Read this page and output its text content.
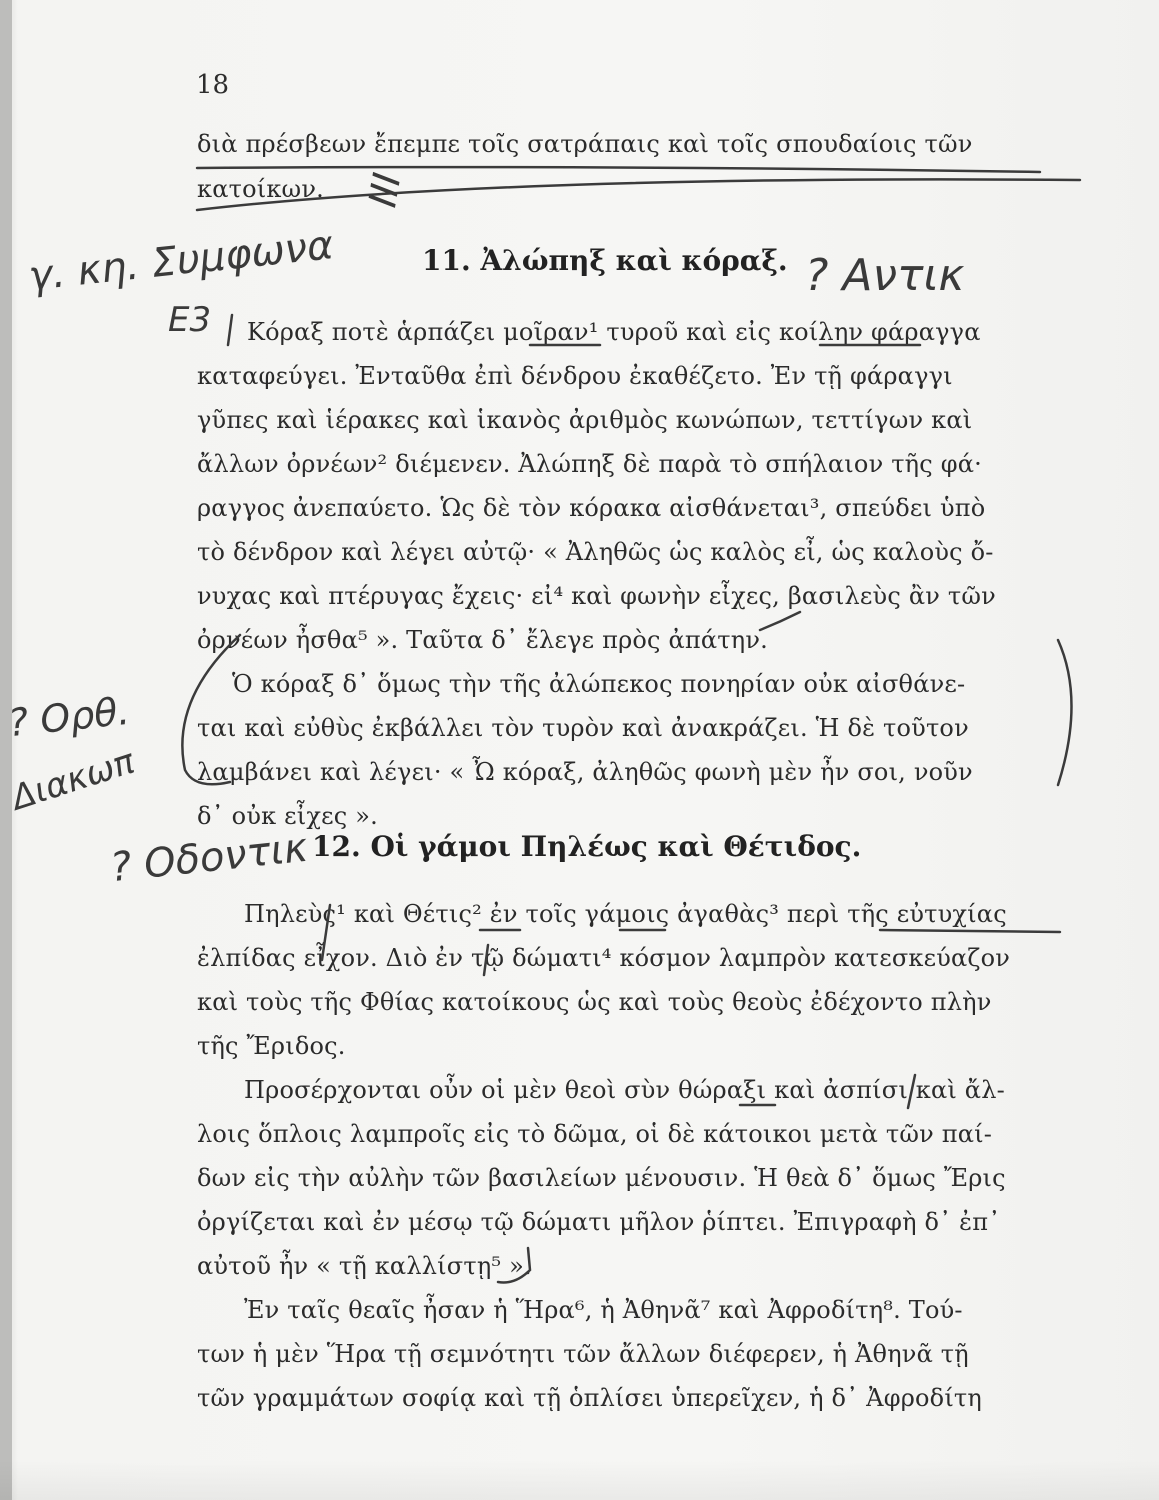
18
διὰ πρέσβεων ἔπεμπε τοῖς σατράπαις καὶ τοῖς σπουδαίοις τῶν
κατοίκων.
11. Ἀλώπηξ καὶ κόραξ.
Κόραξ ποτὲ ἁρπάζει μοῖραν¹ τυροῦ καὶ εἰς κοίλην φάραγγα
καταφεύγει. Ἐνταῦθα ἐπὶ δένδρου ἐκαθέζετο. Ἐν τῇ φάραγγι
γῦπες καὶ ἱέρακες καὶ ἱκανὸς ἀριθμὸς κωνώπων, τεττίγων καὶ
ἄλλων ὀρνέων² διέμενεν. Ἀλώπηξ δὲ παρὰ τὸ σπήλαιον τῆς φά·
ραγγος ἀνεπαύετο. Ὡς δὲ τὸν κόρακα αἰσθάνεται³, σπεύδει ὑπὸ
τὸ δένδρον καὶ λέγει αὐτῷ· « Ἀληθῶς ὡς καλὸς εἶ, ὡς καλοὺς ὄ-
νυχας καὶ πτέρυγας ἔχεις· εἰ⁴ καὶ φωνὴν εἶχες, βασιλεὺς ἂν τῶν
ὀρνέων ἦσθα⁵ ». Ταῦτα δ᾽ ἔλεγε πρὸς ἀπάτην.
Ὁ κόραξ δ᾽ ὅμως τὴν τῆς ἀλώπεκος πονηρίαν οὐκ αἰσθάνε-
ται καὶ εὐθὺς ἐκβάλλει τὸν τυρὸν καὶ ἀνακράζει. Ἡ δὲ τοῦτον
λαμβάνει καὶ λέγει· « Ὦ κόραξ, ἀληθῶς φωνὴ μὲν ἦν σοι, νοῦν
δ᾽ οὐκ εἶχες ».
12. Οἱ γάμοι Πηλέως καὶ Θέτιδος.
Πηλεὺς¹ καὶ Θέτις² ἐν τοῖς γάμοις ἀγαθὰς³ περὶ τῆς εὐτυχίας
ἐλπίδας εἶχον. Διὸ ἐν τῷ δώματι⁴ κόσμον λαμπρὸν κατεσκεύαζον
καὶ τοὺς τῆς Φθίας κατοίκους ὡς καὶ τοὺς θεοὺς ἐδέχοντο πλὴν
τῆς Ἔριδος.
Προσέρχονται οὖν οἱ μὲν θεοὶ σὺν θώραξι καὶ ἀσπίσι καὶ ἄλ-
λοις ὅπλοις λαμπροῖς εἰς τὸ δῶμα, οἱ δὲ κάτοικοι μετὰ τῶν παί-
δων εἰς τὴν αὐλὴν τῶν βασιλείων μένουσιν. Ἡ θεὰ δ᾽ ὅμως Ἔρις
ὀργίζεται καὶ ἐν μέσῳ τῷ δώματι μῆλον ῥίπτει. Ἐπιγραφὴ δ᾽ ἐπ᾽
αὐτοῦ ἦν « τῇ καλλίστῃ⁵ ».
Ἐν ταῖς θεαῖς ἦσαν ἡ Ἥρα⁶, ἡ Ἀθηνᾶ⁷ καὶ Ἀφροδίτη⁸. Τού-
των ἡ μὲν Ἥρα τῇ σεμνότητι τῶν ἄλλων διέφερεν, ἡ Ἀθηνᾶ τῇ
τῶν γραμμάτων σοφίᾳ καὶ τῇ ὁπλίσει ὑπερεῖχεν, ἡ δ᾽ Ἀφροδίτη
γ. κη. Συμφωνα
Ε3
ΙΙΙ
? Αντικ
? Ορθ.
Διακωπ
? Οδοντικ
